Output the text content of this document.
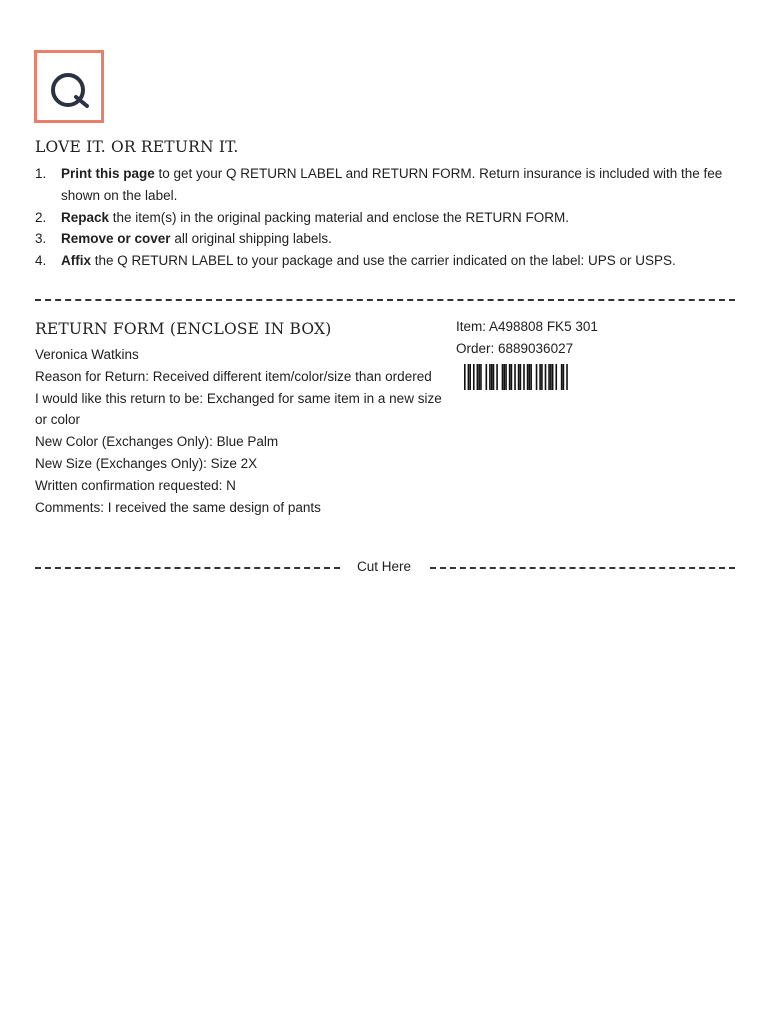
LOVE IT. OR RETURN IT.
1. Print this page to get your Q RETURN LABEL and RETURN FORM. Return insurance is included with the fee shown on the label.
2. Repack the item(s) in the original packing material and enclose the RETURN FORM.
3. Remove or cover all original shipping labels.
4. Affix the Q RETURN LABEL to your package and use the carrier indicated on the label: UPS or USPS.
RETURN FORM (ENCLOSE IN BOX)
Veronica Watkins
Reason for Return: Received different item/color/size than ordered
I would like this return to be: Exchanged for same item in a new size or color
New Color (Exchanges Only): Blue Palm
New Size (Exchanges Only): Size 2X
Written confirmation requested: N
Comments: I received the same design of pants
Item: A498808 FK5 301
Order: 6889036027
Cut Here
